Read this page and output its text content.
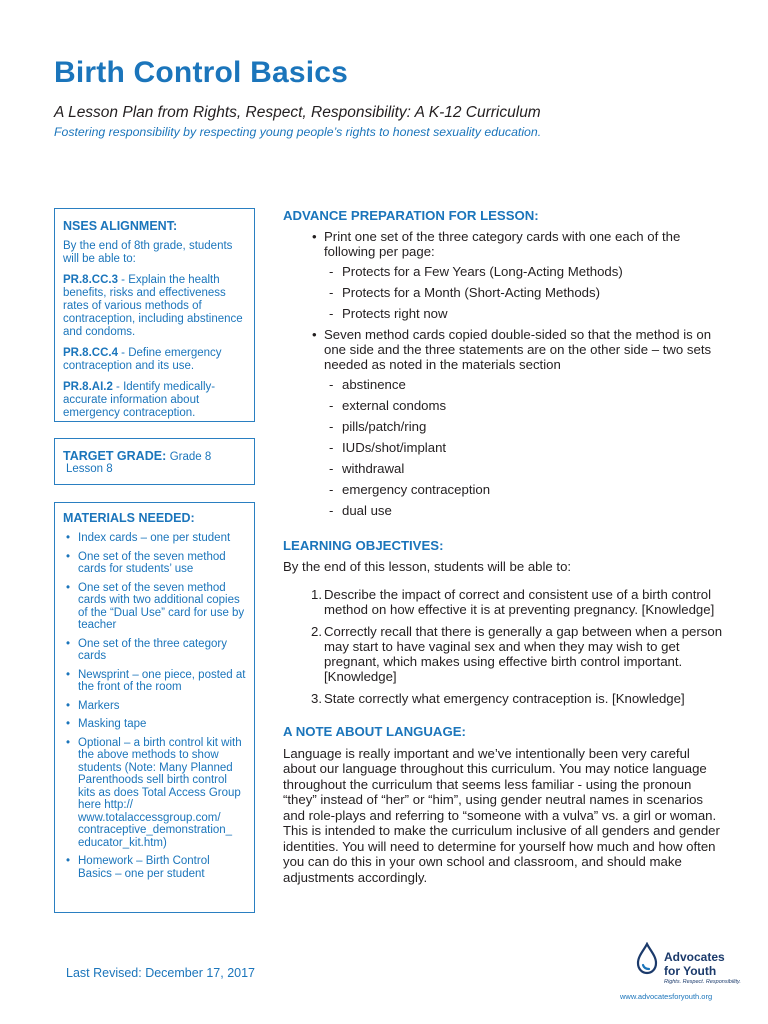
Birth Control Basics
A Lesson Plan from Rights, Respect, Responsibility: A K-12 Curriculum
Fostering responsibility by respecting young people’s rights to honest sexuality education.
NSES ALIGNMENT:

By the end of 8th grade, students will be able to:

PR.8.CC.3 - Explain the health benefits, risks and effectiveness rates of various methods of contraception, including abstinence and condoms.

PR.8.CC.4 - Define emergency contraception and its use.

PR.8.AI.2 - Identify medically-accurate information about emergency contraception.

TARGET GRADE: Grade 8
Lesson 8
MATERIALS NEEDED:
• Index cards – one per student
• One set of the seven method cards for students’ use
• One set of the seven method cards with two additional copies of the “Dual Use” card for use by teacher
• One set of the three category cards
• Newsprint – one piece, posted at the front of the room
• Markers
• Masking tape
• Optional – a birth control kit with the above methods to show students (Note: Many Planned Parenthoods sell birth control kits as does Total Access Group here http:// www.totalaccessgroup.com/ contraceptive_demonstration_ educator_kit.htm)
• Homework – Birth Control Basics – one per student
ADVANCE PREPARATION FOR LESSON:
• Print one set of the three category cards with one each of the following per page:
- Protects for a Few Years (Long-Acting Methods)
- Protects for a Month (Short-Acting Methods)
- Protects right now
• Seven method cards copied double-sided so that the method is on one side and the three statements are on the other side – two sets needed as noted in the materials section
- abstinence
- external condoms
- pills/patch/ring
- IUDs/shot/implant
- withdrawal
- emergency contraception
- dual use
LEARNING OBJECTIVES:
By the end of this lesson, students will be able to:
1. Describe the impact of correct and consistent use of a birth control method on how effective it is at preventing pregnancy. [Knowledge]
2. Correctly recall that there is generally a gap between when a person may start to have vaginal sex and when they may wish to get pregnant, which makes using effective birth control important. [Knowledge]
3. State correctly what emergency contraception is. [Knowledge]
A NOTE ABOUT LANGUAGE:
Language is really important and we’ve intentionally been very careful about our language throughout this curriculum. You may notice language throughout the curriculum that seems less familiar - using the pronoun “they” instead of “her” or “him”, using gender neutral names in scenarios and role-plays and referring to “someone with a vulva” vs. a girl or woman. This is intended to make the curriculum inclusive of all genders and gender identities. You will need to determine for yourself how much and how often you can do this in your own school and classroom, and should make adjustments accordingly.
Last Revised: December 17, 2017
Advocates
for Youth
Rights. Respect. Responsibility.
www.advocatesforyouth.org
